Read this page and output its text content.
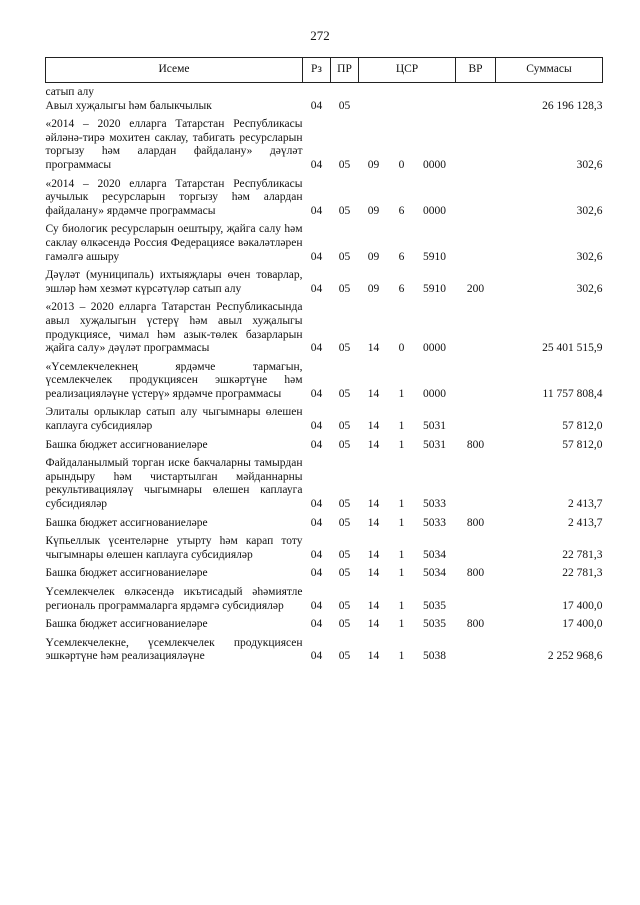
272
Исеме	Рз	ПР	ЦСР	ВР	Суммасы
сатып алу					
Авыл хуҗалыгы һәм балыкчылык	04	05			26 196 128,3
«2014 – 2020 елларга Татарстан Республикасы әйләнә-тирә мохитен саклау, табигать ресурсларын торгызу һәм алардан файдалану» дәүләт программасы	04	05	09 0 0000		302,6
«2014 – 2020 елларга Татарстан Республикасы аучылык ресурсларын торгызу һәм алардан файдалану» ярдәмче программасы	04	05	09 6 0000		302,6
Су биологик ресурсларын оештыру, җайга салу һәм саклау өлкәсендә Россия Федерациясе вәкаләтләрен гамәлгә ашыру	04	05	09 6 5910		302,6
Дәүләт (муниципаль) ихтыяҗлары өчен товарлар, эшләр һәм хезмәт күрсәтүләр сатып алу	04	05	09 6 5910	200	302,6
«2013 – 2020 елларга Татарстан Республикасында авыл хуҗалыгын үстерү һәм авыл хуҗалыгы продукциясе, чимал һәм азык-төлек базарларын җайга салу» дәүләт программасы	04	05	14 0 0000		25 401 515,9
«Үсемлекчелекнең ярдәмче тармагын, үсемлекчелек продукциясен эшкәртүне һәм реализацияләүне үстерү» ярдәмче программасы	04	05	14 1 0000		11 757 808,4
Элиталы орлыклар сатып алу чыгымнары өлешен каплауга субсидияләр	04	05	14 1 5031		57 812,0
Башка бюджет ассигнованиеләре	04	05	14 1 5031	800	57 812,0
Файдаланылмый торган иске бакчаларны тамырдан арындыру һәм чистартылган мәйданнарны рекультивацияләү чыгымнары өлешен каплауга субсидияләр	04	05	14 1 5033		2 413,7
Башка бюджет ассигнованиеләре	04	05	14 1 5033	800	2 413,7
Күпьеллык үсентеләрне утырту һәм карап тоту чыгымнары өлешен каплауга субсидияләр	04	05	14 1 5034		22 781,3
Башка бюджет ассигнованиеләре	04	05	14 1 5034	800	22 781,3
Үсемлекчелек өлкәсендә икътисадый әһәмиятле региональ программаларга ярдәмгә субсидияләр	04	05	14 1 5035		17 400,0
Башка бюджет ассигнованиеләре	04	05	14 1 5035	800	17 400,0
Үсемлекчелекне, үсемлекчелек продукциясен эшкәртүне һәм реализацияләүне	04	05	14 1 5038		2 252 968,6
